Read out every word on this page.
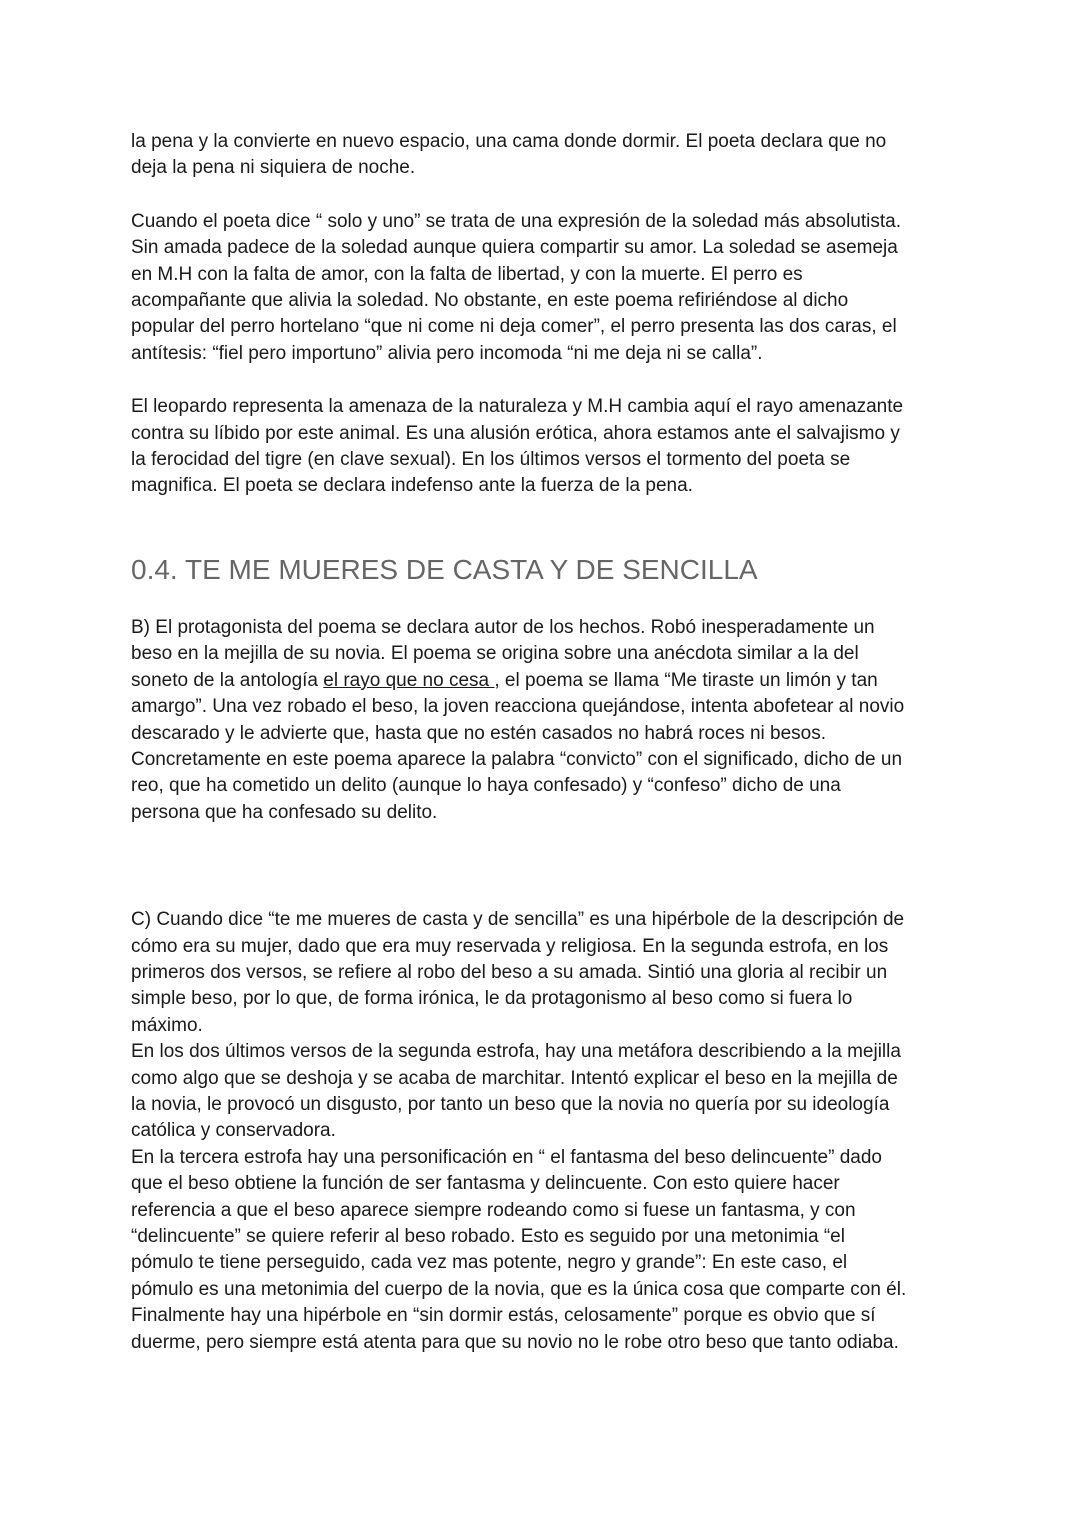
la pena y la convierte en nuevo espacio, una cama donde dormir. El poeta declara que no
deja la pena ni siquiera de noche.

Cuando el poeta dice “ solo y uno” se trata de una expresión de la soledad más absolutista.
Sin amada padece de la soledad aunque quiera compartir su amor. La soledad se asemeja
en M.H con la falta de amor, con la falta de libertad, y con la muerte. El perro es
acompañante que alivia la soledad. No obstante, en este poema refiriéndose al dicho
popular del perro hortelano “que ni come ni deja comer”, el perro presenta las dos caras, el
antítesis: “fiel pero importuno” alivia pero incomoda “ni me deja ni se calla”.

El leopardo representa la amenaza de la naturaleza y M.H cambia aquí el rayo amenazante
contra su líbido por este animal. Es una alusión erótica, ahora estamos ante el salvajismo y
la ferocidad del tigre (en clave sexual). En los últimos versos el tormento del poeta se
magnifica. El poeta se declara indefenso ante la fuerza de la pena.

0.4. TE ME MUERES DE CASTA Y DE SENCILLA

B) El protagonista del poema se declara autor de los hechos. Robó inesperadamente un
beso en la mejilla de su novia. El poema se origina sobre una anécdota similar a la del
soneto de la antología el rayo que no cesa , el poema se llama “Me tiraste un limón y tan
amargo”. Una vez robado el beso, la joven reacciona quejándose, intenta abofetear al novio
descarado y le advierte que, hasta que no estén casados no habrá roces ni besos.
Concretamente en este poema aparece la palabra “convicto” con el significado, dicho de un
reo, que ha cometido un delito (aunque lo haya confesado) y “confeso” dicho de una
persona que ha confesado su delito.

C) Cuando dice “te me mueres de casta y de sencilla” es una hipérbole de la descripción de
cómo era su mujer, dado que era muy reservada y religiosa. En la segunda estrofa, en los
primeros dos versos, se refiere al robo del beso a su amada. Sintió una gloria al recibir un
simple beso, por lo que, de forma irónica, le da protagonismo al beso como si fuera lo
máximo.
En los dos últimos versos de la segunda estrofa, hay una metáfora describiendo a la mejilla
como algo que se deshoja y se acaba de marchitar. Intentó explicar el beso en la mejilla de
la novia, le provocó un disgusto, por tanto un beso que la novia no quería por su ideología
católica y conservadora.
En la tercera estrofa hay una personificación en “ el fantasma del beso delincuente” dado
que el beso obtiene la función de ser fantasma y delincuente. Con esto quiere hacer
referencia a que el beso aparece siempre rodeando como si fuese un fantasma, y con
“delincuente” se quiere referir al beso robado. Esto es seguido por una metonimia “el
pómulo te tiene perseguido, cada vez mas potente, negro y grande”: En este caso, el
pómulo es una metonimia del cuerpo de la novia, que es la única cosa que comparte con él.
Finalmente hay una hipérbole en “sin dormir estás, celosamente” porque es obvio que sí
duerme, pero siempre está atenta para que su novio no le robe otro beso que tanto odiaba.
